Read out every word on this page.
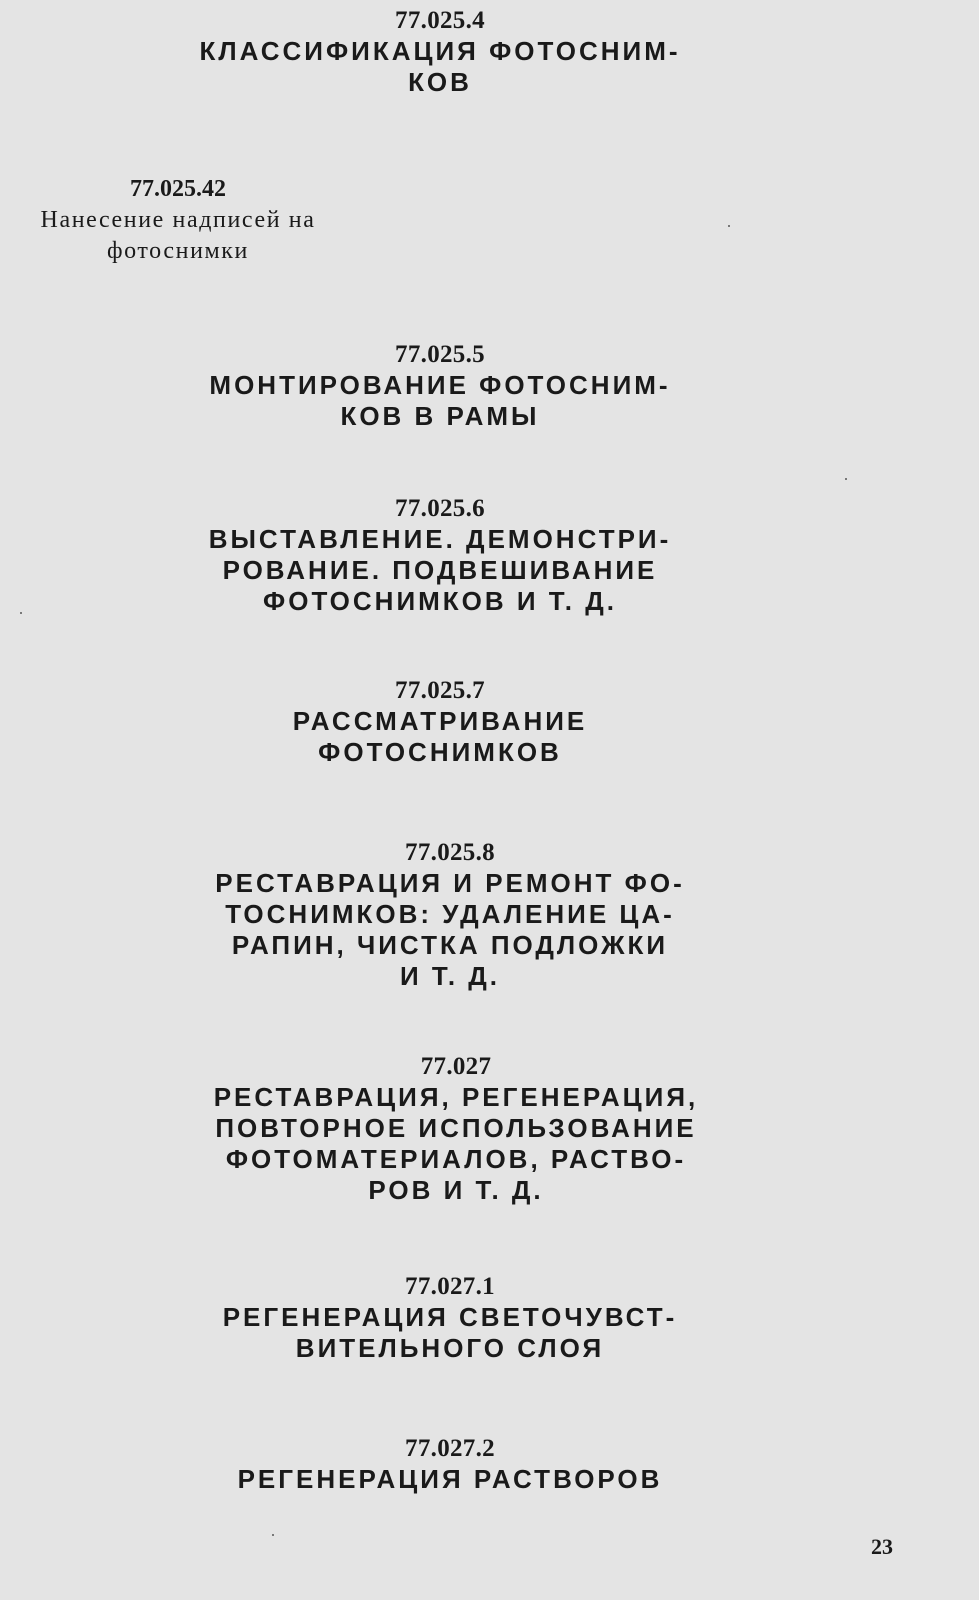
77.025.4
КЛАССИФИКАЦИЯ ФОТОСНИМ-
КОВ
77.025.42
Нанесение надписей на
фотоснимки
77.025.5
МОНТИРОВАНИЕ ФОТОСНИМ-
КОВ В РАМЫ
77.025.6
ВЫСТАВЛЕНИЕ. ДЕМОНСТРИ-
РОВАНИЕ. ПОДВЕШИВАНИЕ
ФОТОСНИМКОВ И Т. Д.
77.025.7
РАССМАТРИВАНИЕ
ФОТОСНИМКОВ
77.025.8
РЕСТАВРАЦИЯ И РЕМОНТ ФО-
ТОСНИМКОВ: УДАЛЕНИЕ ЦА-
РАПИН, ЧИСТКА ПОДЛОЖКИ
И Т. Д.
77.027
РЕСТАВРАЦИЯ, РЕГЕНЕРАЦИЯ,
ПОВТОРНОЕ ИСПОЛЬЗОВАНИЕ
ФОТОМАТЕРИАЛОВ, РАСТВО-
РОВ И Т. Д.
77.027.1
РЕГЕНЕРАЦИЯ СВЕТОЧУВСТ-
ВИТЕЛЬНОГО СЛОЯ
77.027.2
РЕГЕНЕРАЦИЯ РАСТВОРОВ
23
